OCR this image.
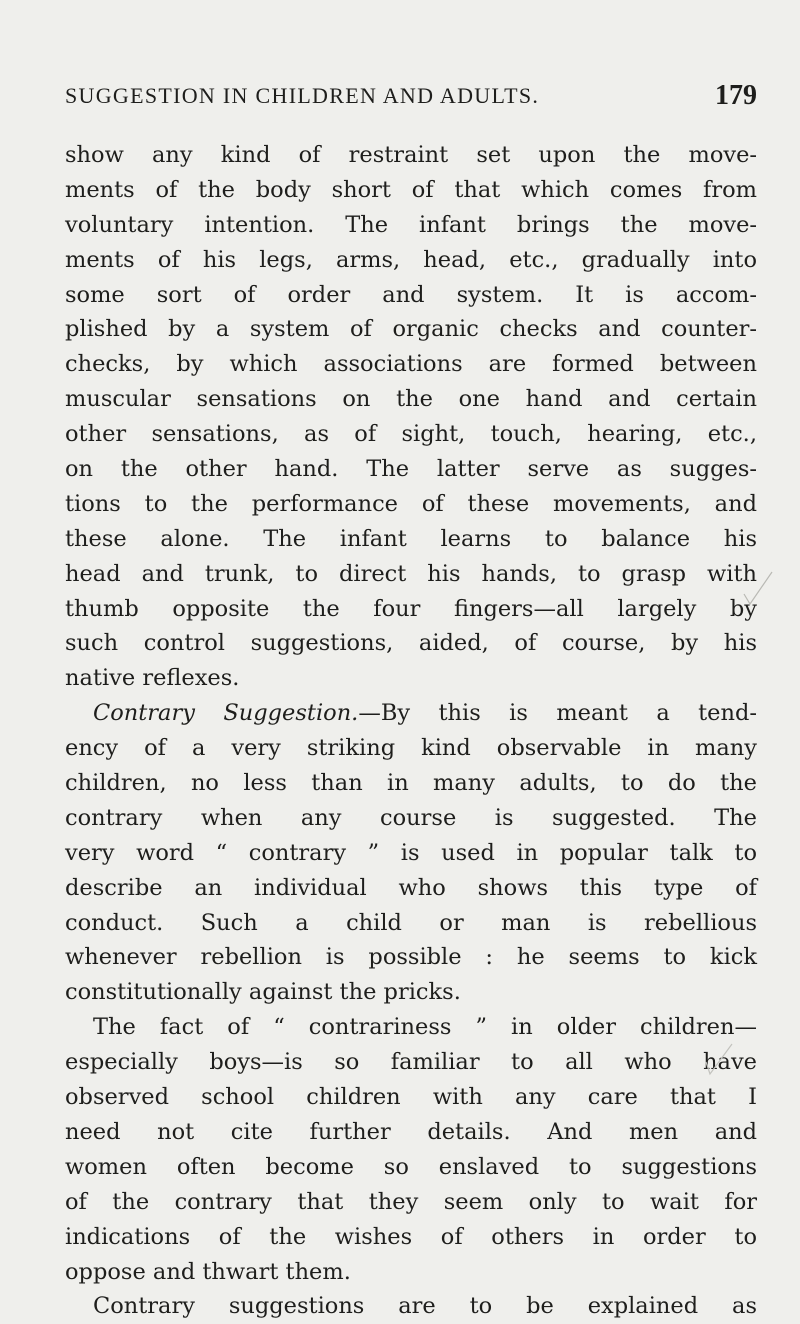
SUGGESTION IN CHILDREN AND ADULTS.	179
show any kind of restraint set upon the move-
ments of the body short of that which comes from
voluntary intention. The infant brings the move-
ments of his legs, arms, head, etc., gradually into
some sort of order and system. It is accom-
plished by a system of organic checks and counter-
checks, by which associations are formed between
muscular sensations on the one hand and certain
other sensations, as of sight, touch, hearing, etc.,
on the other hand. The latter serve as sugges-
tions to the performance of these movements, and
these alone. The infant learns to balance his
head and trunk, to direct his hands, to grasp with
thumb opposite the four fingers—all largely by
such control suggestions, aided, of course, by his
native reflexes.
Contrary Suggestion.—By this is meant a tend-
ency of a very striking kind observable in many
children, no less than in many adults, to do the
contrary when any course is suggested. The
very word “ contrary ” is used in popular talk to
describe an individual who shows this type of
conduct. Such a child or man is rebellious
whenever rebellion is possible : he seems to kick
constitutionally against the pricks.
The fact of “ contrariness ” in older children—
especially boys—is so familiar to all who have
observed school children with any care that I
need not cite further details. And men and
women often become so enslaved to suggestions
of the contrary that they seem only to wait for
indications of the wishes of others in order to
oppose and thwart them.
Contrary suggestions are to be explained as
